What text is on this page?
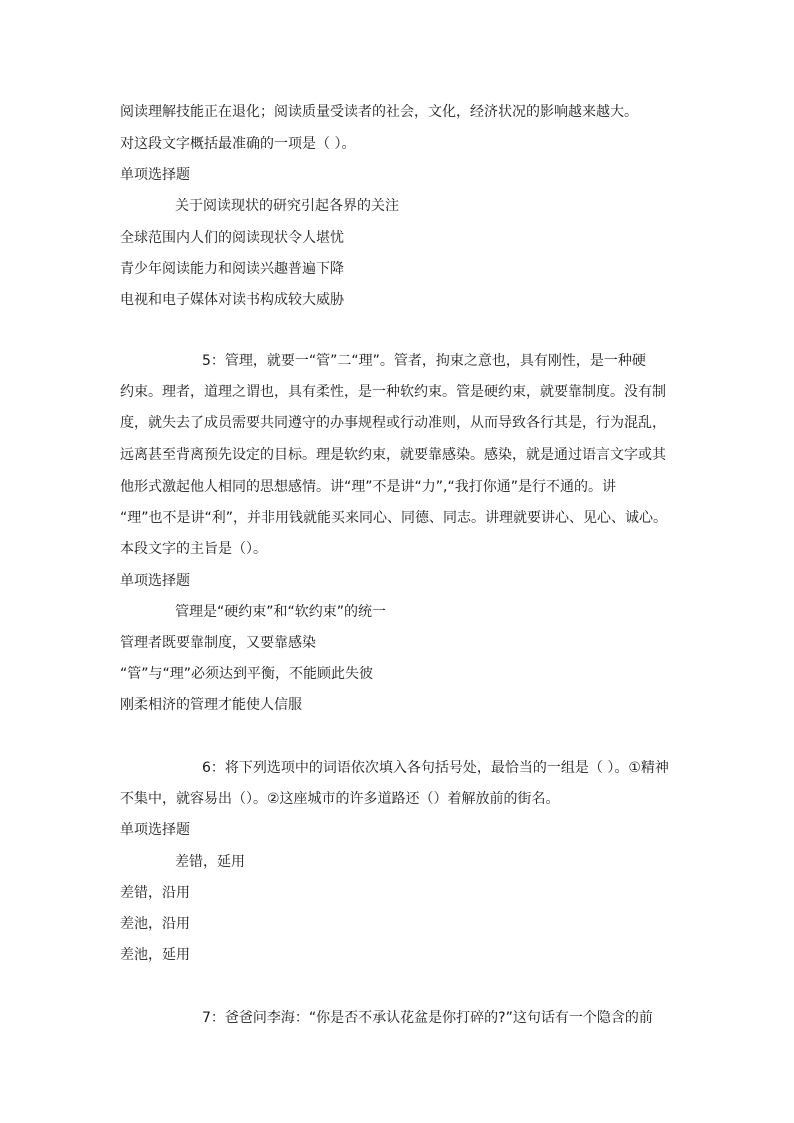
阅读理解技能正在退化；阅读质量受读者的社会，文化，经济状况的影响越来越大。

对这段文字概括最准确的一项是（ ）。

单项选择题

关于阅读现状的研究引起各界的关注

全球范围内人们的阅读现状令人堪忧

青少年阅读能力和阅读兴趣普遍下降

电视和电子媒体对读书构成较大威胁

5：管理，就要一“管”二“理”。管者，拘束之意也，具有刚性，是一种硬

约束。理者，道理之谓也，具有柔性，是一种软约束。管是硬约束，就要靠制度。没有制

度，就失去了成员需要共同遵守的办事规程或行动准则，从而导致各行其是，行为混乱，

远离甚至背离预先设定的目标。理是软约束，就要靠感染。感染，就是通过语言文字或其

他形式激起他人相同的思想感情。讲“理”不是讲“力”,“我打你通”是行不通的。讲

“理”也不是讲“利”，并非用钱就能买来同心、同德、同志。讲理就要讲心、见心、诚心。

本段文字的主旨是（）。

单项选择题

管理是“硬约束”和“软约束”的统一

管理者既要靠制度，又要靠感染

“管”与“理”必须达到平衡，不能顾此失彼

刚柔相济的管理才能使人信服

6：将下列选项中的词语依次填入各句括号处，最恰当的一组是（ ）。①精神

不集中，就容易出（）。②这座城市的许多道路还（）着解放前的街名。

单项选择题

差错，延用

差错，沿用

差池，沿用

差池，延用

7：爸爸问李海：“你是否不承认花盆是你打碎的?”这句话有一个隐含的前
